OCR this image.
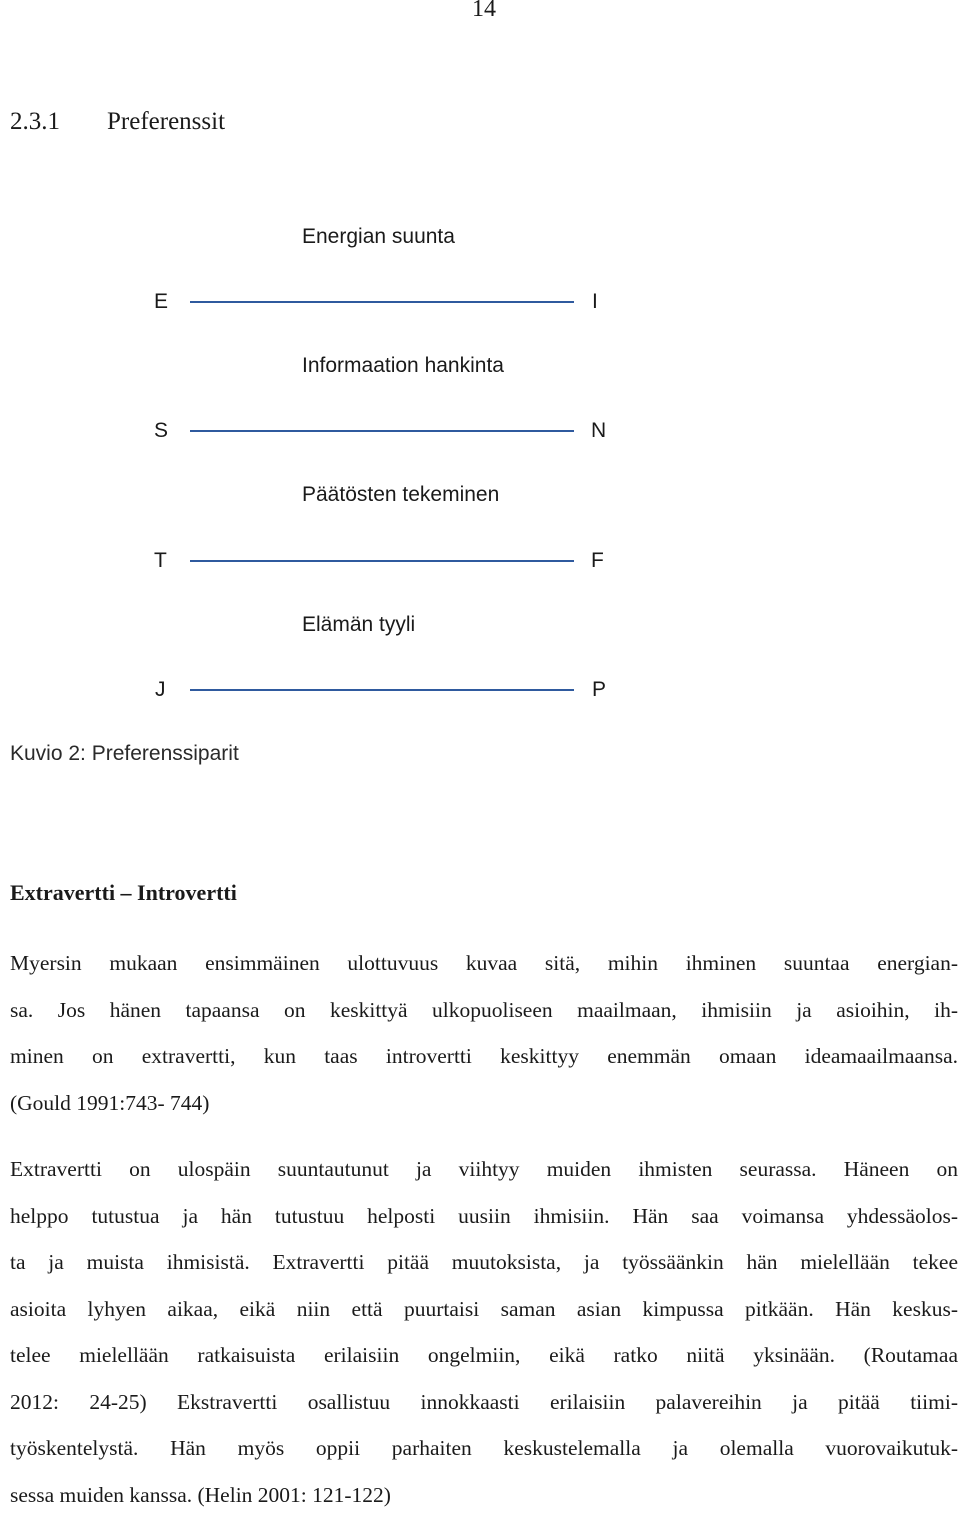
14
2.3.1 Preferenssit
Energian suunta
E	I
Informaation hankinta
S	N
Päätösten tekeminen
T	F
Elämän tyyli
J	P
Kuvio 2: Preferenssiparit
Extravertti – Introvertti
Myersin mukaan ensimmäinen ulottuvuus kuvaa sitä, mihin ihminen suuntaa energian-
sa. Jos hänen tapaansa on keskittyä ulkopuoliseen maailmaan, ihmisiin ja asioihin, ih-
minen on extravertti, kun taas introvertti keskittyy enemmän omaan ideamaailmaansa.
(Gould 1991:743- 744)
Extravertti on ulospäin suuntautunut ja viihtyy muiden ihmisten seurassa. Häneen on
helppo tutustua ja hän tutustuu helposti uusiin ihmisiin. Hän saa voimansa yhdessäolos-
ta ja muista ihmisistä. Extravertti pitää muutoksista, ja työssäänkin hän mielellään tekee
asioita lyhyen aikaa, eikä niin että puurtaisi saman asian kimpussa pitkään. Hän keskus-
telee mielellään ratkaisuista erilaisiin ongelmiin, eikä ratko niitä yksinään. (Routamaa
2012: 24-25) Ekstravertti osallistuu innokkaasti erilaisiin palavereihin ja pitää tiimi-
työskentelystä. Hän myös oppii parhaiten keskustelemalla ja olemalla vuorovaikutuk-
sessa muiden kanssa. (Helin 2001: 121-122)
